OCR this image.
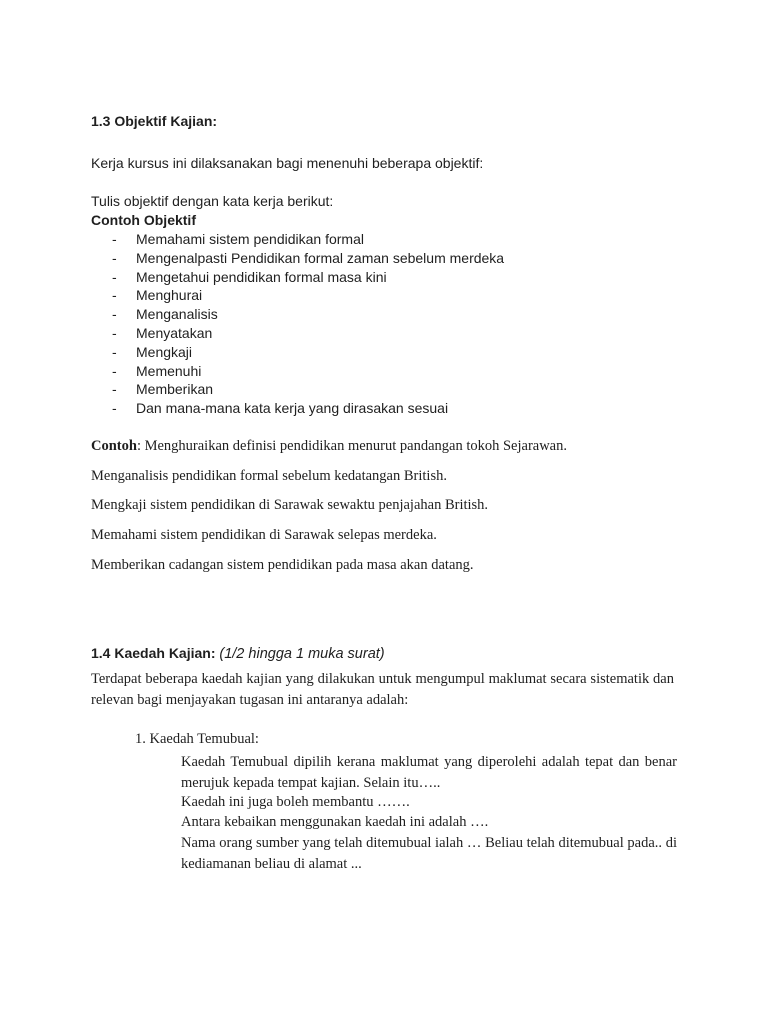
1.3 Objektif Kajian:
Kerja kursus ini dilaksanakan bagi menenuhi beberapa objektif:
Tulis objektif dengan kata kerja berikut:
Contoh Objektif
- Memahami sistem pendidikan formal
- Mengenalpasti Pendidikan formal zaman sebelum merdeka
- Mengetahui pendidikan formal masa kini
- Menghurai
- Menganalisis
- Menyatakan
- Mengkaji
- Memenuhi
- Memberikan
- Dan mana-mana kata kerja yang dirasakan sesuai
Contoh: Menghuraikan definisi pendidikan menurut pandangan tokoh Sejarawan.
Menganalisis pendidikan formal sebelum kedatangan British.
Mengkaji sistem pendidikan di Sarawak sewaktu penjajahan British.
Memahami sistem pendidikan di Sarawak selepas merdeka.
Memberikan cadangan sistem pendidikan pada masa akan datang.
1.4 Kaedah Kajian: (1/2 hingga 1 muka surat)
Terdapat beberapa kaedah kajian yang dilakukan untuk mengumpul maklumat secara sistematik dan relevan bagi menjayakan tugasan ini antaranya adalah:
1. Kaedah Temubual:
Kaedah Temubual dipilih kerana maklumat yang diperolehi adalah tepat dan benar merujuk kepada tempat kajian. Selain itu…..
Kaedah ini juga boleh membantu …….
Antara kebaikan menggunakan kaedah ini adalah ….
Nama orang sumber yang telah ditemubual ialah … Beliau telah ditemubual pada.. di kediamanan beliau di alamat ...
